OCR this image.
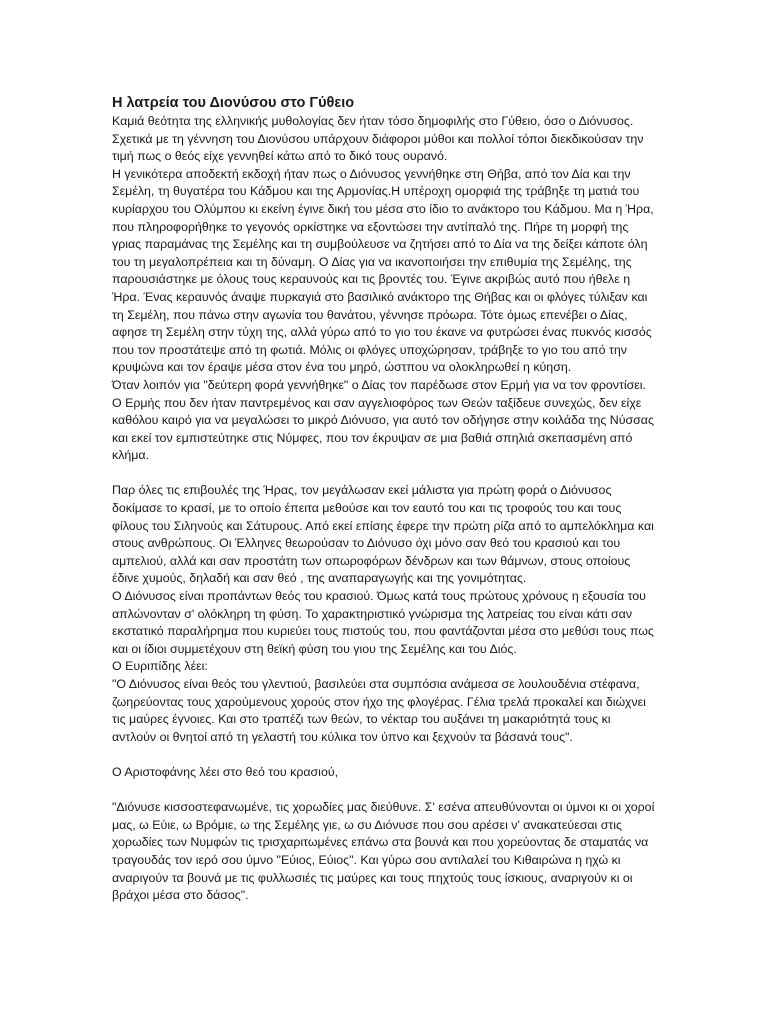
Η λατρεία του Διονύσου στο Γύθειο

Καμιά θεότητα της ελληνικής μυθολογίας δεν ήταν τόσο δημοφιλής στο Γύθειο, όσο ο Διόνυσος. Σχετικά με τη γέννηση του Διονύσου υπάρχουν διάφοροι μύθοι και πολλοί τόποι διεκδικούσαν την τιμή πως ο θεός είχε γεννηθεί κάτω από το δικό τους ουρανό.

Η γενικότερα αποδεκτή εκδοχή ήταν πως ο Διόνυσος γεννήθηκε στη Θήβα, από τον Δία και την Σεμέλη, τη θυγατέρα του Κάδμου και της Αρμονίας.Η υπέροχη ομορφιά της τράβηξε τη ματιά του κυρίαρχου του Ολύμπου κι εκείνη έγινε δική του μέσα στο ίδιο το ανάκτορο του Κάδμου. Μα η Ήρα, που πληροφορήθηκε το γεγονός ορκίστηκε να εξοντώσει την αντίπαλό της. Πήρε τη μορφή της γριας παραμάνας της Σεμέλης και τη συμβούλευσε να ζητήσει από το Δία να της δείξει κάποτε όλη του τη μεγαλοπρέπεια και τη δύναμη. Ο Δίας για να ικανοποιήσει την επιθυμία της Σεμέλης, της παρουσιάστηκε με όλους τους κεραυνούς και τις βροντές του. Έγινε ακριβώς αυτό που ήθελε η Ήρα. Ένας κεραυνός άναψε πυρκαγιά στο βασιλικό ανάκτορο της Θήβας και οι φλόγες τύλιξαν και τη Σεμέλη, που πάνω στην αγωνία του θανάτου, γέννησε πρόωρα. Τότε όμως επενέβει ο Δίας, αφησε τη Σεμέλη στην τύχη της, αλλά γύρω από το γιο του έκανε να φυτρώσει ένας πυκνός κισσός που τον προστάτεψε από τη φωτιά. Μόλις οι φλόγες υποχώρησαν, τράβηξε το γιο του από την κρυψώνα και τον έραψε μέσα στον ένα του μηρό, ώστπου να ολοκληρωθεί η κύηση.

Όταν λοιπόν για "δεύτερη φορά γεννήθηκε" ο Δίας τον παρέδωσε στον Ερμή για να τον φροντίσει. Ο Ερμής που δεν ήταν παντρεμένος και σαν αγγελιοφόρος των Θεών ταξίδευε συνεχώς, δεν είχε καθόλου καιρό για να μεγαλώσει το μικρό Διόνυσο, για αυτό τον οδήγησε στην κοιλάδα της Νύσσας και εκεί τον εμπιστεύτηκε στις Νύμφες, που τον έκρυψαν σε μια βαθιά σπηλιά σκεπασμένη από κλήμα.

Παρ όλες τις επιβουλές της Ήρας, τον μεγάλωσαν εκεί μάλιστα για πρώτη φορά ο Διόνυσος δοκίμασε το κρασί, με το οποίο έπειτα μεθούσε και τον εαυτό του και τις τροφούς του και τους φίλους του Σιληνούς και Σάτυρους. Από εκεί επίσης έφερε την πρώτη ρίζα από το αμπελόκλημα και στους ανθρώπους. Οι Έλληνες θεωρούσαν το Διόνυσο όχι μόνο σαν θεό του κρασιού και του αμπελιού, αλλά και σαν προστάτη των οπωροφόρων δένδρων και των θάμνων, στους οποίους έδινε χυμούς, δηλαδή και σαν θεό , της αναπαραγωγής και της γονιμότητας.

Ο Διόνυσος είναι προπάντων θεός του κρασιού. Όμως κατά τους πρώτους χρόνους η εξουσία του απλώνονταν σ' ολόκληρη τη φύση. Το χαρακτηριστικό γνώρισμα της λατρείας του είναι κάτι σαν εκστατικό παραλήρημα που κυριεύει τους πιστούς του, που φαντάζονται μέσα στο μεθύσι τους πως και οι ίδιοι συμμετέχουν στη θεϊκή φύση του γιου της Σεμέλης και του Διός.

Ο Ευριπίδης λέει:

"Ο Διόνυσος είναι θεός του γλεντιού, βασιλεύει στα συμπόσια ανάμεσα σε λουλουδένια στέφανα, ζωηρεύοντας τους χαρούμενους χορούς στον ήχο της φλογέρας. Γέλια τρελά προκαλεί και διώχνει τις μαύρες έγνοιες. Και στο τραπέζι των θεών, το νέκταρ του αυξάνει τη μακαριότητά τους κι αντλούν οι θνητοί από τη γελαστή του κύλικα τον ύπνο και ξεχνούν τα βάσανά τους".

Ο Αριστοφάνης λέει στο θεό του κρασιού,

"Διόνυσε κισσοστεφανωμένε, τις χορωδίες μας διεύθυνε. Σ' εσένα απευθύνονται οι ύμνοι κι οι χοροί μας, ω Εύιε, ω Βρόμιε, ω της Σεμέλης γιε, ω συ Διόνυσε που σου αρέσει ν' ανακατεύεσαι στις χορωδίες των Νυμφών τις τρισχαριτωμένες επάνω στα βουνά και που χορεύοντας δε σταματάς να τραγουδάς τον ιερό σου ύμνο "Εύιος, Εύιος". Και γύρω σου αντιλαλεί του Κιθαιρώνα η ηχώ κι αναριγούν τα βουνά με τις φυλλωσιές τις μαύρες και τους πηχτούς τους ίσκιους, αναριγούν κι οι βράχοι μέσα στο δάσος".
